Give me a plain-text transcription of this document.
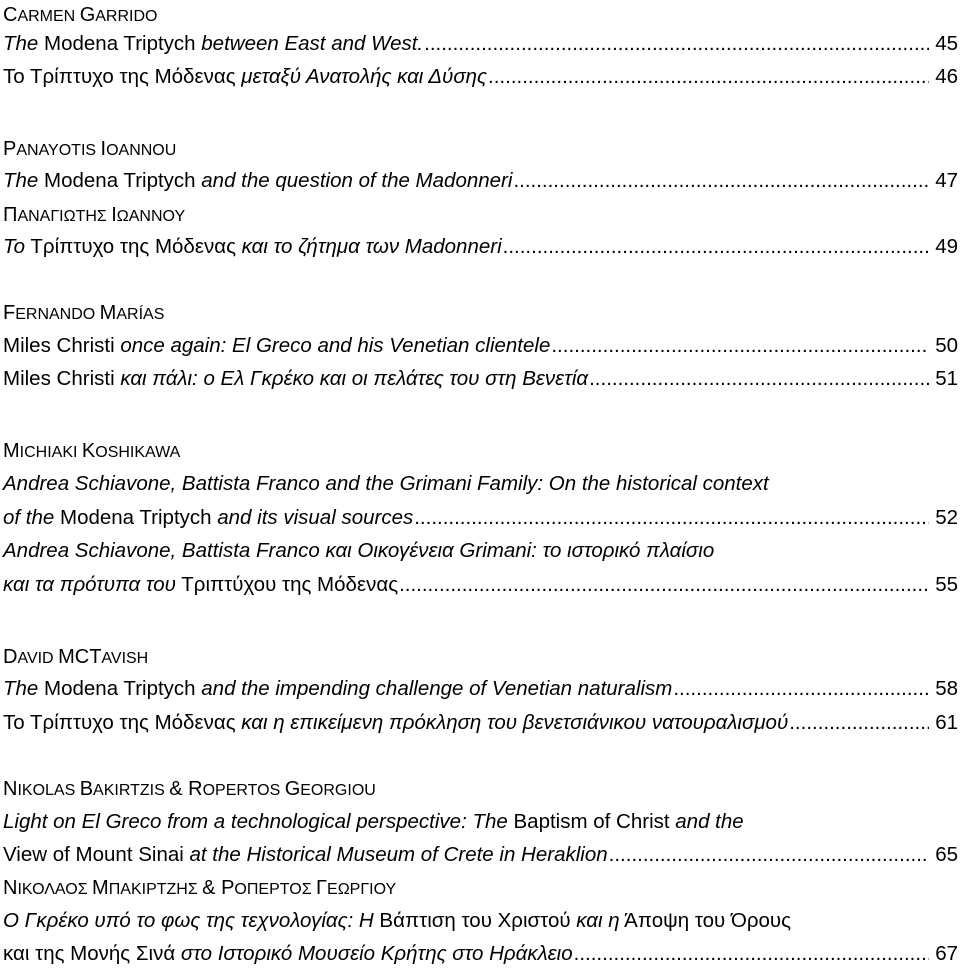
CARMEN GARRIDO
The Modena Triptych between East and West. .....	45
Το Τρίπτυχο της Μόδενας μεταξύ Ανατολής και Δύσης .....	46
PANAYOTIS IOANNOU
The Modena Triptych and the question of the Madonneri .....	47
ΠΑΝΑΓΙΩΤΗΣ ΙΩΑΝΝΟΥ
Το Τρίπτυχο της Μόδενας και το ζήτημα των Madonneri .....	49
FERNANDO MARÍAS
Miles Christi once again: El Greco and his Venetian clientele .....	50
Miles Christi και πάλι: ο Ελ Γκρέκο και οι πελάτες του στη Βενετία .....	51
MICHIAKI KOSHIKAWA
Andrea Schiavone, Battista Franco and the Grimani Family: On the historical context
of the Modena Triptych and its visual sources .....	52
Andrea Schiavone, Battista Franco και Οικογένεια Grimani: το ιστορικό πλαίσιο
και τα πρότυπα του Τριπτύχου της Μόδενας .....	55
DAVID MCTAVISH
The Modena Triptych and the impending challenge of Venetian naturalism .....	58
Το Τρίπτυχο της Μόδενας και η επικείμενη πρόκληση του βενετσιάνικου νατουραλισμού .....	61
NIKOLAS BAKIRTZIS & ROPERTOS GEORGIOU
Light on El Greco from a technological perspective: The Baptism of Christ and the
View of Mount Sinai at the Historical Museum of Crete in Heraklion .....	65
ΝΙΚΟΛΑΟΣ ΜΠΑΚΙΡΤΖΗΣ & ΡΟΠΕΡΤΟΣ ΓΕΩΡΓΙΟΥ
Ο Γκρέκο υπό το φως της τεχνολογίας: Η Βάπτιση του Χριστού και η Άποψη του Όρους
και της Μονής Σινά στο Ιστορικό Μουσείο Κρήτης στο Ηράκλειο .....	67
